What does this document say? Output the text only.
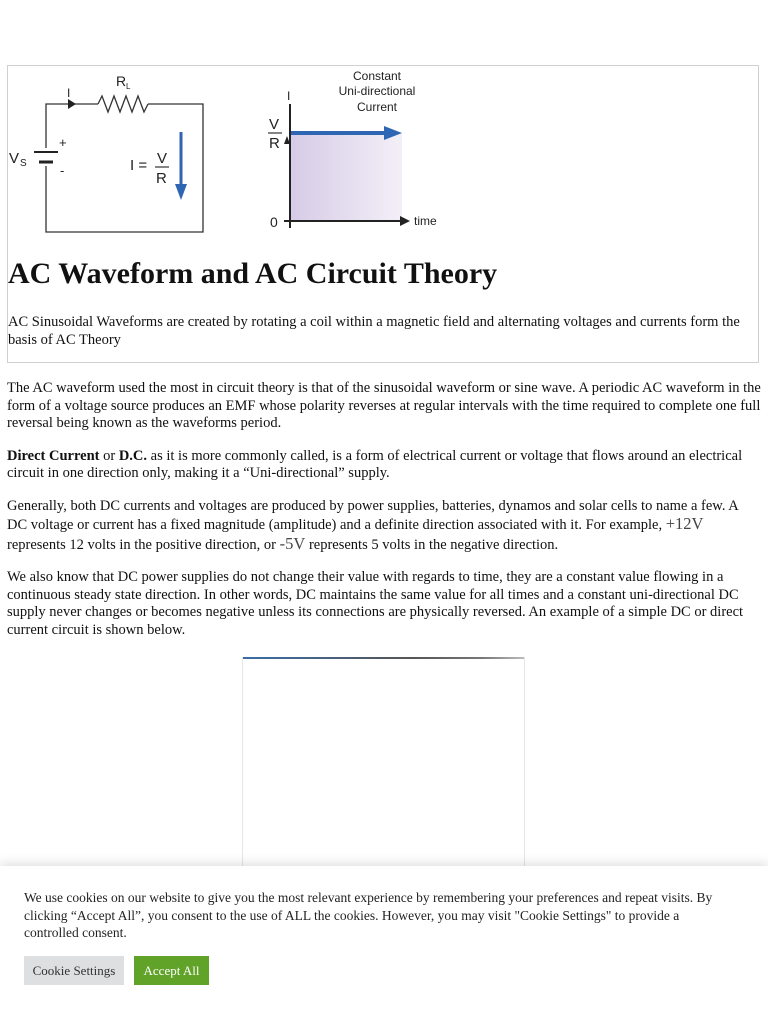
R L
I
V S
+
-	I = V
R
I
V
R
0	time
Constant
Uni-directional
Current
AC Waveform and AC Circuit Theory

AC Sinusoidal Waveforms are created by rotating a coil within a magnetic field and alternating voltages and currents form the basis of AC Theory

The AC waveform used the most in circuit theory is that of the sinusoidal waveform or sine wave. A periodic AC waveform in the form of a voltage source produces an EMF whose polarity reverses at regular intervals with the time required to complete one full reversal being known as the waveforms period.

Direct Current or D.C. as it is more commonly called, is a form of electrical current or voltage that flows around an electrical circuit in one direction only, making it a “Uni-directional” supply.

Generally, both DC currents and voltages are produced by power supplies, batteries, dynamos and solar cells to name a few. A DC voltage or current has a fixed magnitude (amplitude) and a definite direction associated with it. For example, +12V represents 12 volts in the positive direction, or -5V represents 5 volts in the negative direction.

We also know that DC power supplies do not change their value with regards to time, they are a constant value flowing in a continuous steady state direction. In other words, DC maintains the same value for all times and a constant uni-directional DC supply never changes or becomes negative unless its connections are physically reversed. An example of a simple DC or direct current circuit is shown below.

We use cookies on our website to give you the most relevant experience by remembering your preferences and repeat visits. By clicking “Accept All”, you consent to the use of ALL the cookies. However, you may visit "Cookie Settings" to provide a controlled consent.

Cookie Settings	Accept All
